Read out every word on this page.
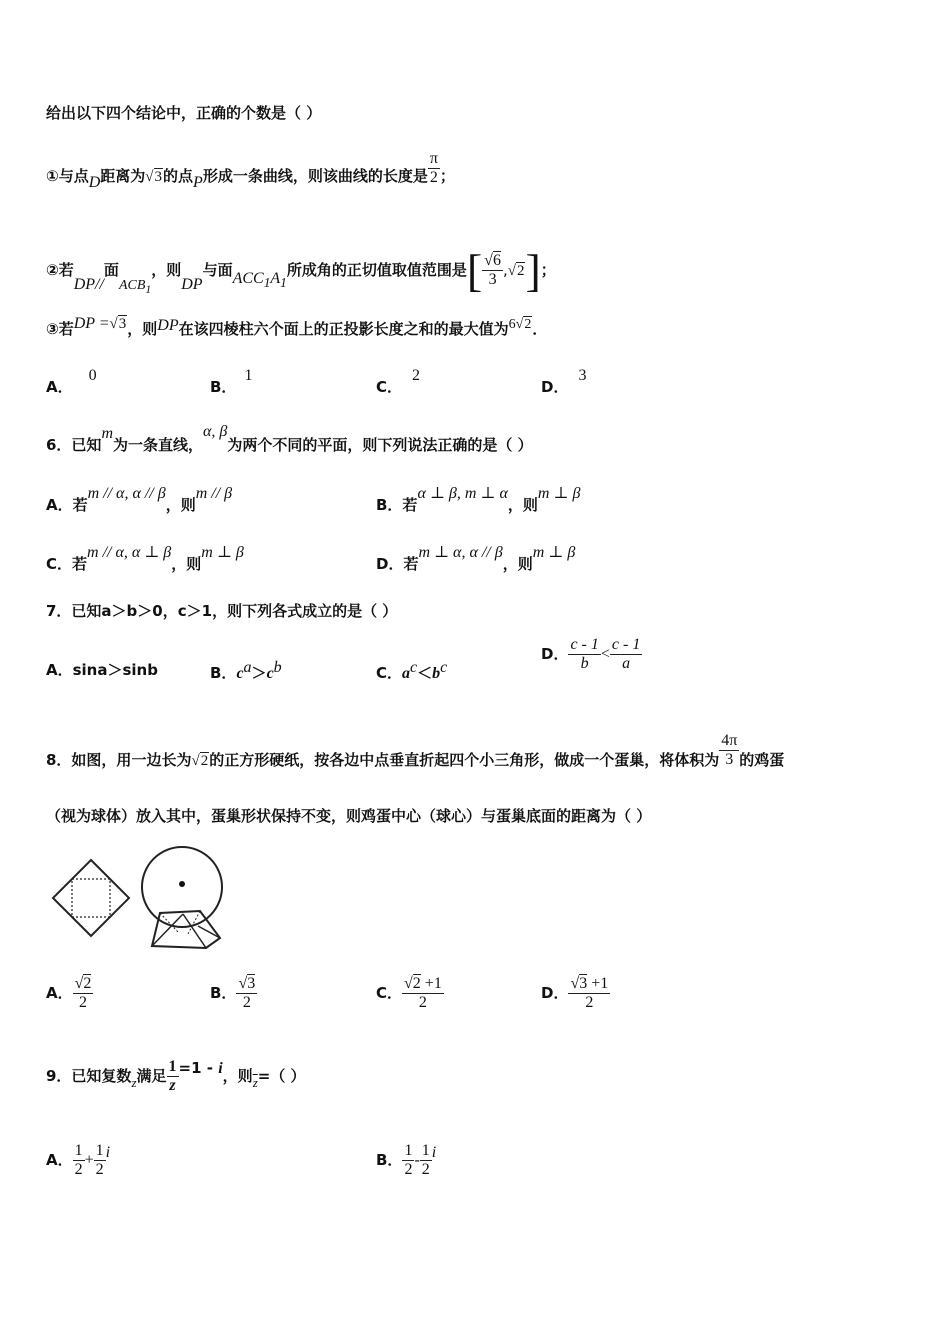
给出以下四个结论中，正确的个数是（ ）
①与点D距离为√3的点P形成一条曲线，则该曲线的长度是 $\frac{\pi}{2}$ ；
②若DP//面$ACB_1$，则DP与面$ACC_1A_1$所成角的正切值取值范围是[ $\frac{√6}{3} ,√2$]；
③若DP =√3，则DP在该四棱柱六个面上的正投影长度之和的最大值为6√2．
A．0
B．1
C．2
D．3
6．已知m为一条直线，α, β为两个不同的平面，则下列说法正确的是（ ）
A．若m // α, α // β，则m // β
B．若α ⊥ β, m ⊥ α，则m ⊥ β
C．若m // α, α ⊥ β，则m ⊥ β
D．若m ⊥ α, α // β，则m ⊥ β
7．已知a＞b＞0，c＞1，则下列各式成立的是（ ）
A．sina＞sinb	B．$c^a>c^b$	C．$a^c<b^c$
D． $\frac{c - 1}{b} < \frac{c - 1}{a}$
8．如图，用一边长为√2的正方形硬纸，按各边中点垂直折起四个小三角形，做成一个蛋巢，将体积为 $\frac{4\pi}{3}$ 的鸡蛋
（视为球体）放入其中，蛋巢形状保持不变，则鸡蛋中心（球心）与蛋巢底面的距离为（ ）
A． $\frac{√2}{2}$	B． $\frac{√3}{2}$	C． $\frac{√2 +1}{2}$	D． $\frac{√3 +1}{2}$
9．已知复数z满足 $\frac{1}{z} =1 - i$，则$\overline{z}=$（ ）
A． $\frac{1}{2} + \frac{1}{2}$ i	B． $\frac{1}{2} - \frac{1}{2}$ i
